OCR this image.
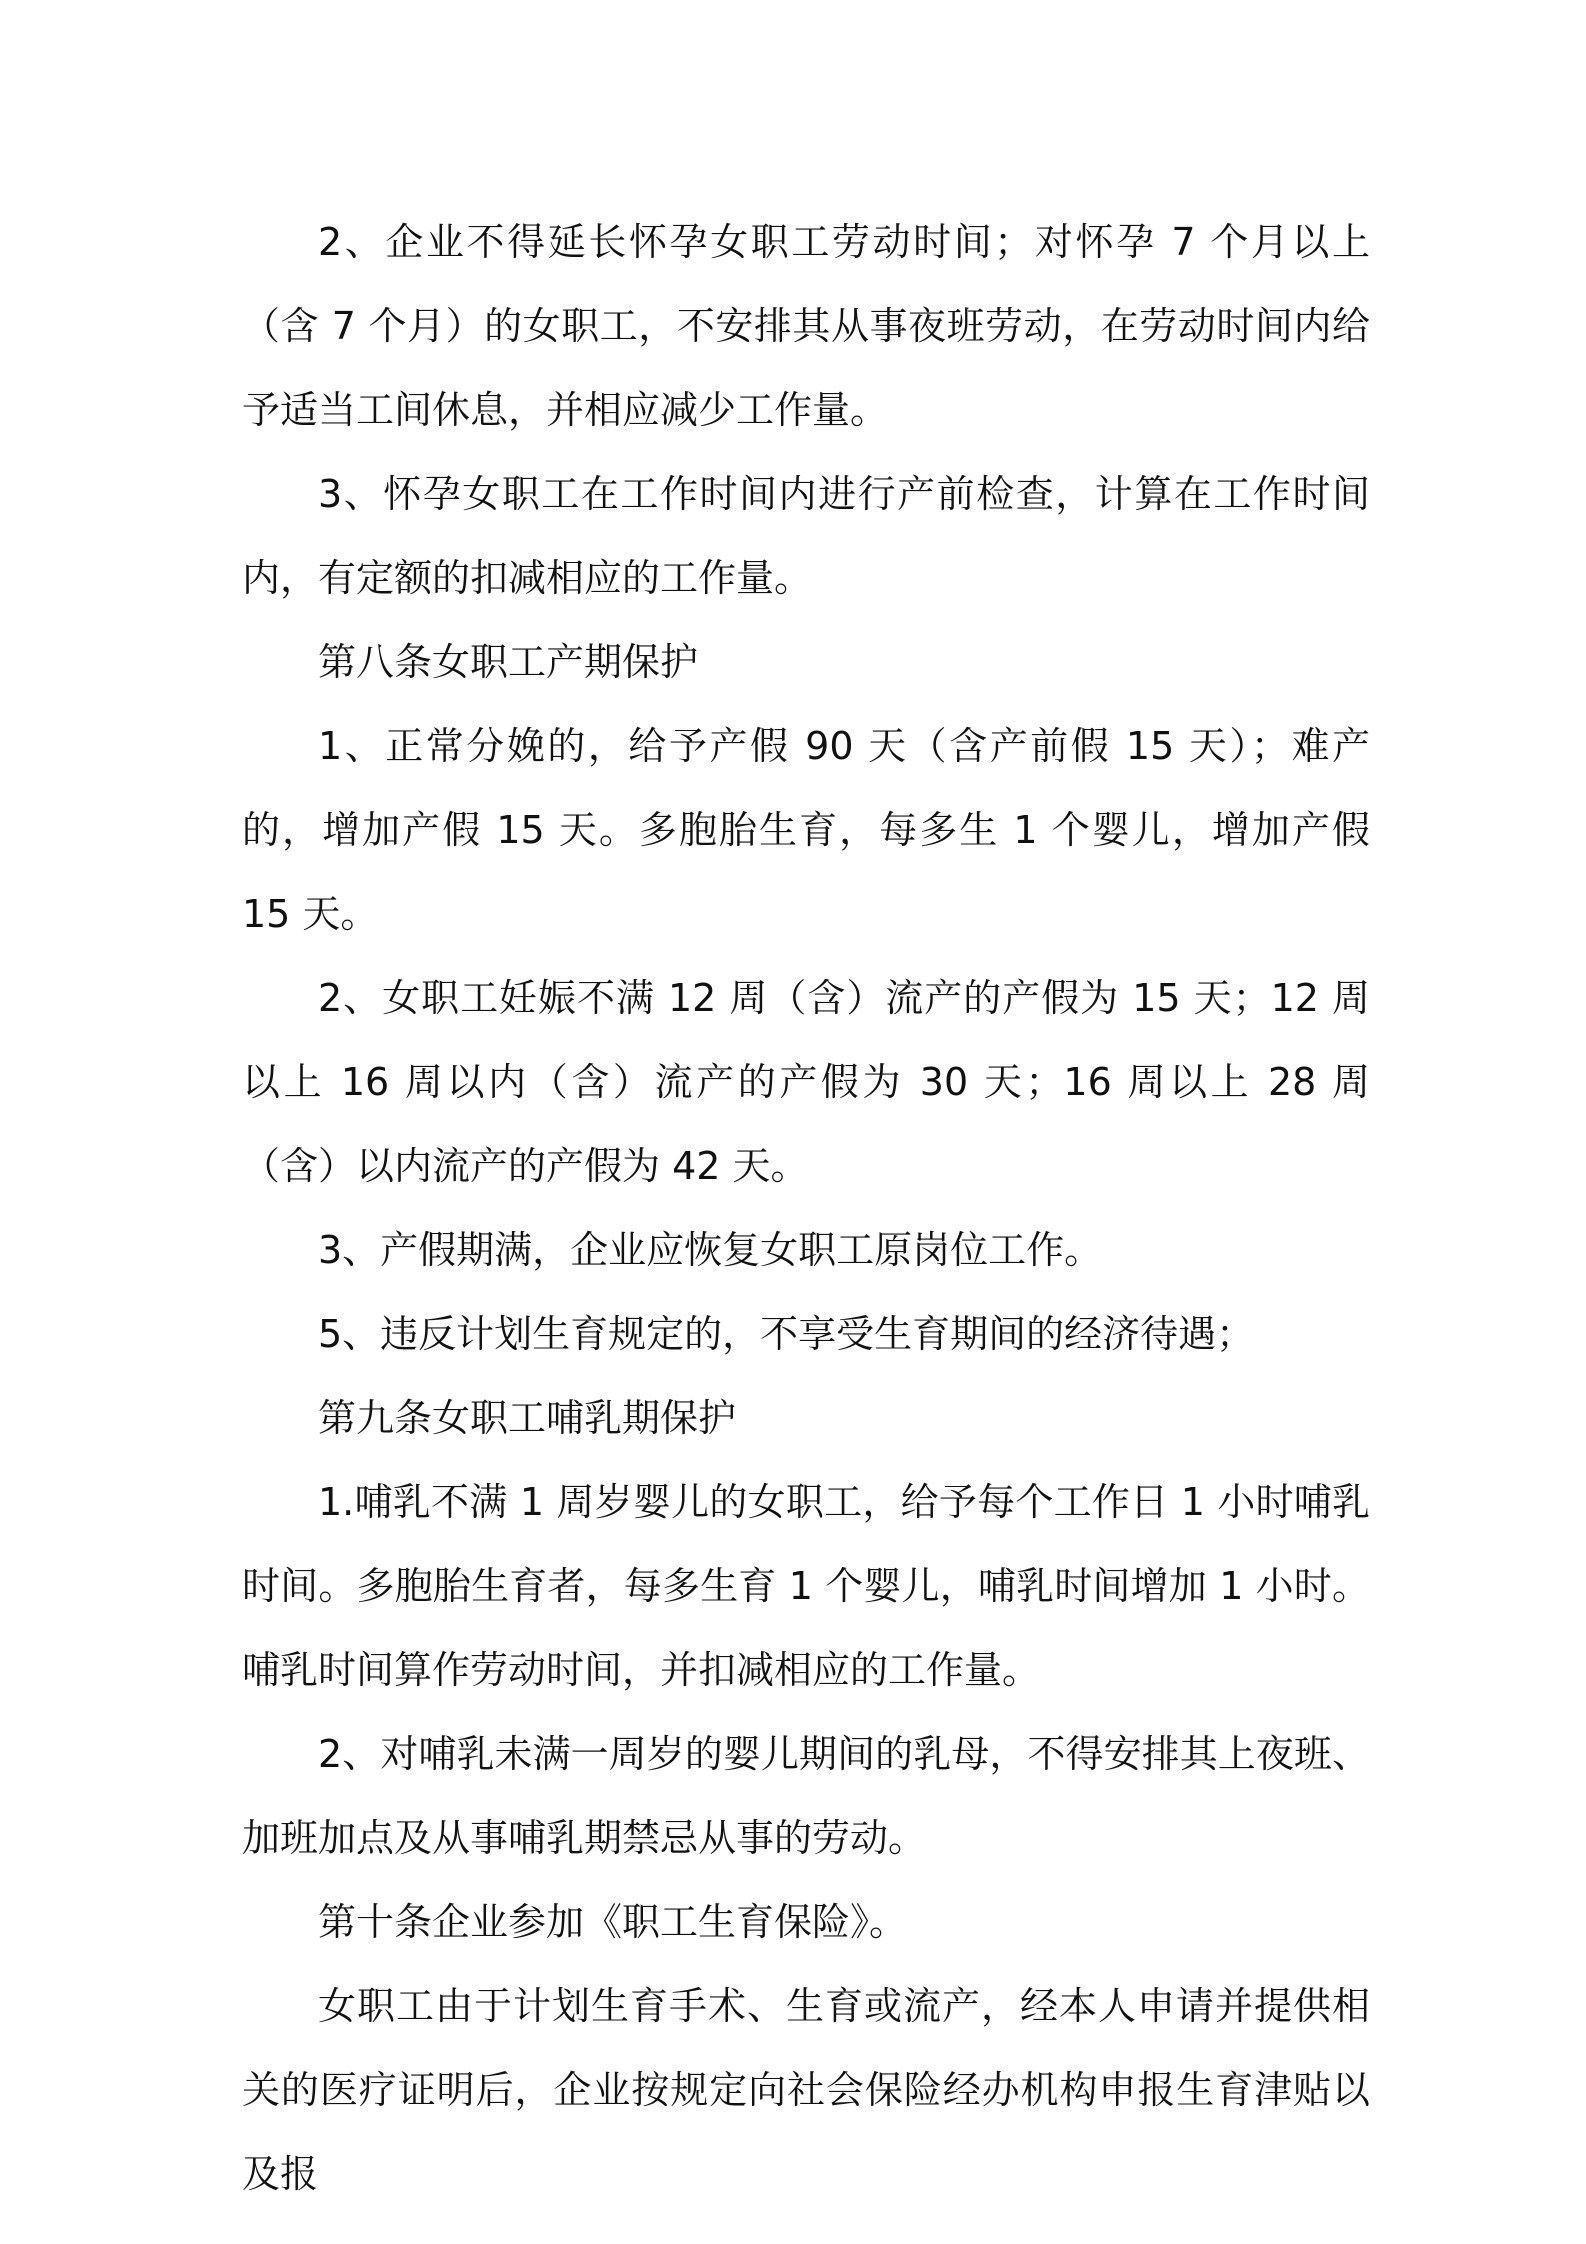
2、企业不得延长怀孕女职工劳动时间；对怀孕 7 个月以上（含 7 个月）的女职工，不安排其从事夜班劳动，在劳动时间内给予适当工间休息，并相应减少工作量。

3、怀孕女职工在工作时间内进行产前检查，计算在工作时间内，有定额的扣减相应的工作量。

第八条女职工产期保护

1、正常分娩的，给予产假 90 天（含产前假 15 天）；难产的，增加产假 15 天。多胞胎生育，每多生 1 个婴儿，增加产假 15 天。

2、女职工妊娠不满 12 周（含）流产的产假为 15 天；12 周以上 16 周以内（含）流产的产假为 30 天；16 周以上 28 周（含）以内流产的产假为 42 天。

3、产假期满，企业应恢复女职工原岗位工作。

5、违反计划生育规定的，不享受生育期间的经济待遇；

第九条女职工哺乳期保护

1.哺乳不满 1 周岁婴儿的女职工，给予每个工作日 1 小时哺乳时间。多胞胎生育者，每多生育 1 个婴儿，哺乳时间增加 1 小时。哺乳时间算作劳动时间，并扣减相应的工作量。

2、对哺乳未满一周岁的婴儿期间的乳母，不得安排其上夜班、加班加点及从事哺乳期禁忌从事的劳动。

第十条企业参加《职工生育保险》。

女职工由于计划生育手术、生育或流产，经本人申请并提供相关的医疗证明后，企业按规定向社会保险经办机构申报生育津贴以及报
